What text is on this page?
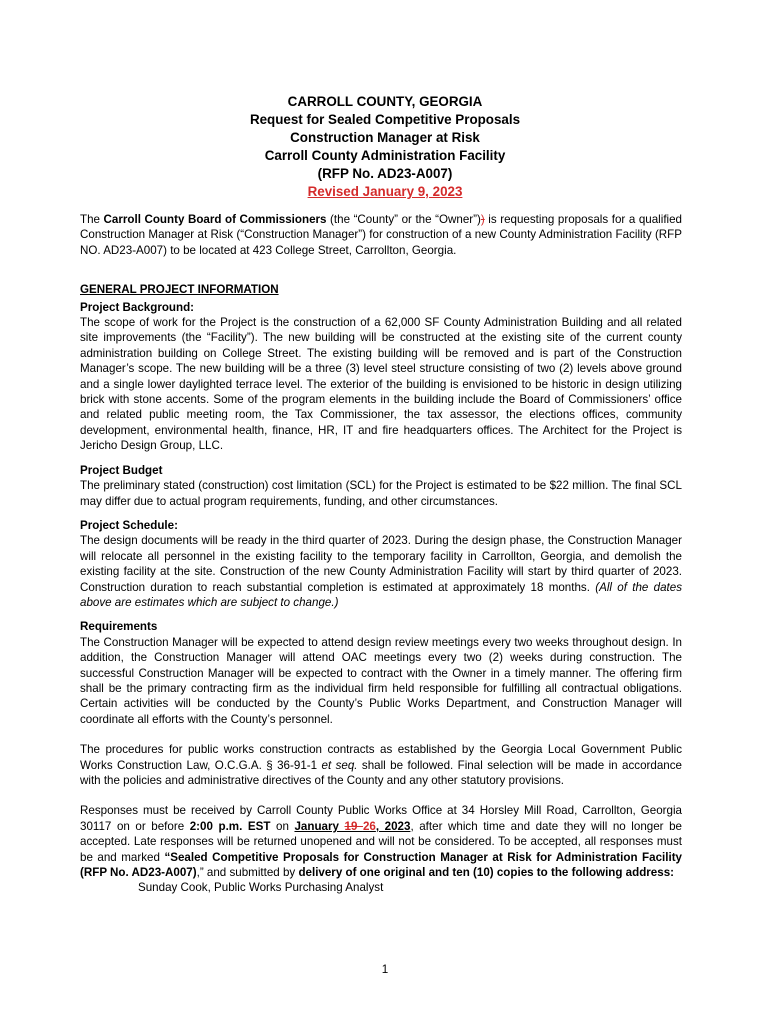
CARROLL COUNTY, GEORGIA
Request for Sealed Competitive Proposals
Construction Manager at Risk
Carroll County Administration Facility
(RFP No. AD23-A007)
Revised January 9, 2023

The Carroll County Board of Commissioners (the “County” or the “Owner”)) is requesting proposals for a qualified Construction Manager at Risk (“Construction Manager”) for construction of a new County Administration Facility (RFP NO. AD23-A007) to be located at 423 College Street, Carrollton, Georgia.

GENERAL PROJECT INFORMATION
Project Background:

The scope of work for the Project is the construction of a 62,000 SF County Administration Building and all related site improvements (the “Facility”). The new building will be constructed at the existing site of the current county administration building on College Street. The existing building will be removed and is part of the Construction Manager’s scope. The new building will be a three (3) level steel structure consisting of two (2) levels above ground and a single lower daylighted terrace level. The exterior of the building is envisioned to be historic in design utilizing brick with stone accents. Some of the program elements in the building include the Board of Commissioners’ office and related public meeting room, the Tax Commissioner, the tax assessor, the elections offices, community development, environmental health, finance, HR, IT and fire headquarters offices. The Architect for the Project is Jericho Design Group, LLC.

Project Budget

The preliminary stated (construction) cost limitation (SCL) for the Project is estimated to be $22 million. The final SCL may differ due to actual program requirements, funding, and other circumstances.

Project Schedule:

The design documents will be ready in the third quarter of 2023. During the design phase, the Construction Manager will relocate all personnel in the existing facility to the temporary facility in Carrollton, Georgia, and demolish the existing facility at the site. Construction of the new County Administration Facility will start by third quarter of 2023. Construction duration to reach substantial completion is estimated at approximately 18 months. (All of the dates above are estimates which are subject to change.)

Requirements

The Construction Manager will be expected to attend design review meetings every two weeks throughout design. In addition, the Construction Manager will attend OAC meetings every two (2) weeks during construction. The successful Construction Manager will be expected to contract with the Owner in a timely manner. The offering firm shall be the primary contracting firm as the individual firm held responsible for fulfilling all contractual obligations. Certain activities will be conducted by the County’s Public Works Department, and Construction Manager will coordinate all efforts with the County’s personnel.

The procedures for public works construction contracts as established by the Georgia Local Government Public Works Construction Law, O.C.G.A. § 36-91-1 et seq. shall be followed. Final selection will be made in accordance with the policies and administrative directives of the County and any other statutory provisions.

Responses must be received by Carroll County Public Works Office at 34 Horsley Mill Road, Carrollton, Georgia 30117 on or before 2:00 p.m. EST on January 19 26, 2023, after which time and date they will no longer be accepted. Late responses will be returned unopened and will not be considered. To be accepted, all responses must be and marked “Sealed Competitive Proposals for Construction Manager at Risk for Administration Facility (RFP No. AD23-A007),” and submitted by delivery of one original and ten (10) copies to the following address:

Sunday Cook, Public Works Purchasing Analyst
1
